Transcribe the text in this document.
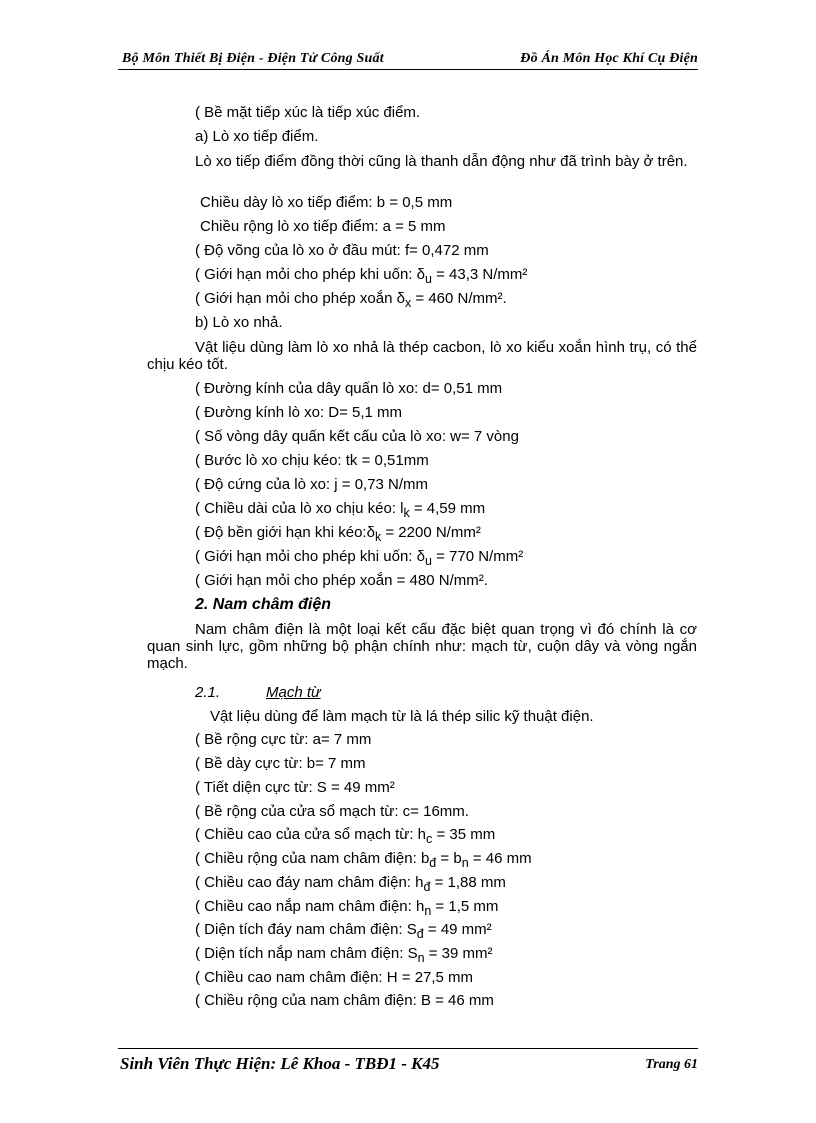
Bộ Môn Thiết Bị Điện - Điện Tử Công Suất	Đồ Án Môn Học Khí Cụ Điện
( Bề mặt tiếp xúc là tiếp xúc điểm.
a) Lò xo tiếp điểm.
Lò xo tiếp điểm đồng thời cũng là thanh dẫn động như đã trình bày ở trên.
Chiều dày lò xo tiếp điểm: b = 0,5 mm
Chiều rộng lò xo tiếp điểm: a = 5 mm
( Độ võng của lò xo ở đầu mút: f= 0,472 mm
( Giới hạn mỏi cho phép khi uốn: $\delta_u = 43,3$ N/mm²
( Giới hạn mỏi cho phép xoắn $\delta_x = 460$ N/mm².
b) Lò xo nhả.
Vật liệu dùng làm lò xo nhả là thép cacbon, lò xo kiểu xoắn hình trụ, có thể chịu kéo tốt.
( Đường kính của dây quấn lò xo: d= 0,51 mm
( Đường kính lò xo: D= 5,1 mm
( Số vòng dây quấn kết cấu của lò xo: w= 7 vòng
( Bước lò xo chịu kéo: tk = 0,51mm
( Độ cứng của lò xo: j = 0,73 N/mm
( Chiều dài của lò xo chịu kéo: $l_k = 4,59$ mm
( Độ bền giới hạn khi $kéo:\delta_k = 2200$ N/mm²
( Giới hạn mỏi cho phép khi uốn: $\delta_u = 770$ N/mm²
( Giới hạn mỏi cho phép xoắn = 480 N/mm².
2. Nam châm điện
Nam châm điện là một loại kết cấu đặc biệt quan trọng vì đó chính là cơ quan sinh lực, gồm những bộ phận chính như: mạch từ, cuộn dây và vòng ngắn mạch.
2.1.	Mạch từ
Vật liệu dùng để làm mạch từ là lá thép silic kỹ thuật điện.
( Bề rộng cực từ: a= 7 mm
( Bề dày cực từ: b= 7 mm
( Tiết diện cực từ: S = 49 mm²
( Bề rộng của cửa sổ mạch từ: c= 16mm.
( Chiều cao của cửa sổ mạch từ: $h_c = 35$ mm
( Chiều rộng của nam châm điện: $b_đ = b_n = 46$ mm
( Chiều cao đáy nam châm điện: $h_đ = 1,88$ mm
( Chiều cao nắp nam châm điện: $h_n = 1,5$ mm
( Diện tích đáy nam châm điện: $S_đ = 49$ mm²
( Diện tích nắp nam châm điện: $S_n = 39$ mm²
( Chiều cao nam châm điện: H = 27,5 mm
( Chiều rộng của nam châm điện: B = 46 mm
Sinh Viên Thực Hiện: Lê Khoa - TBĐ1 - K45	Trang 61
